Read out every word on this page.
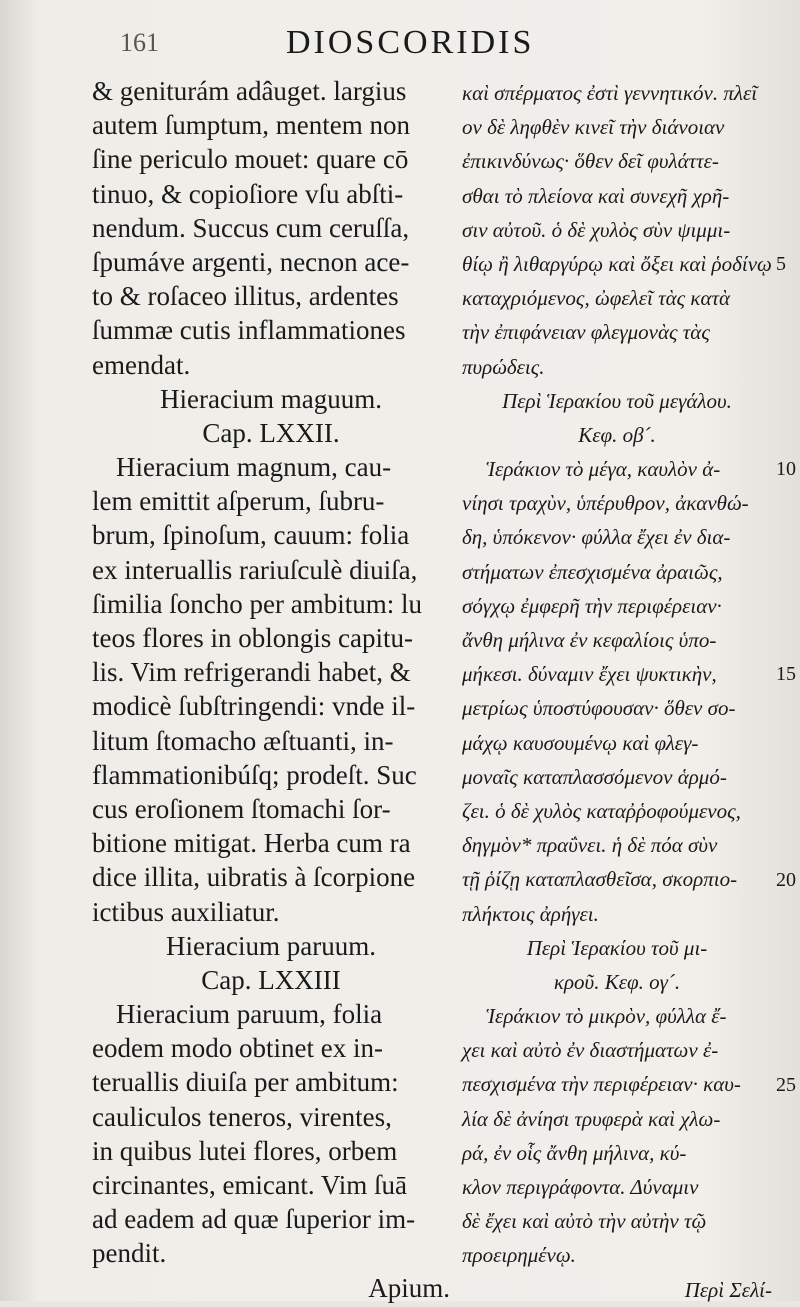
161	DIOSCORIDIS
& geniturám adâuget. largius
autem ſumptum, mentem non
ſine periculo mouet: quare cō
tinuo, & copioſiore vſu abſti-
nendum. Succus cum ceruſſa,
ſpumáve argenti, necnon ace-
to & roſaceo illitus, ardentes
ſummæ cutis inflammationes
emendat.
Hieracium maguum.
Cap. LXXII.
Hieracium magnum, cau-
lem emittit aſperum, ſubru-
brum, ſpinoſum, cauum: folia
ex interuallis rariuſculè diuiſa,
ſimilia ſoncho per ambitum: lu
teos flores in oblongis capitu-
lis. Vim refrigerandi habet, &
modicè ſubſtringendi: vnde il-
litum ſtomacho æſtuanti, in-
flammationibúſq; prodeſt. Suc
cus eroſionem ſtomachi ſor-
bitione mitigat. Herba cum ra
dice illita, uibratis à ſcorpione
ictibus auxiliatur.
Hieracium paruum.
Cap. LXXIII
Hieracium paruum, folia
eodem modo obtinet ex in-
teruallis diuiſa per ambitum:
cauliculos teneros, virentes,
in quibus lutei flores, orbem
circinantes, emicant. Vim ſuā
ad eadem ad quæ ſuperior im-
pendit.
Apium.
καὶ σπέρματος ἐστὶ γεννητικόν. πλεῖ
ον δὲ ληφθὲν κινεῖ τὴν διάνοιαν
ἐπικινδύνως· ὅθεν δεῖ φυλάττε-
σθαι τὸ πλείονα καὶ συνεχῆ χρῆ-
σιν αὐτοῦ. ὁ δὲ χυλὸς σὺν ψιμμι-
θίῳ ἢ λιθαργύρῳ καὶ ὄξει καὶ ῥοδίνῳ
καταχριόμενος, ὠφελεῖ τὰς κατὰ
τὴν ἐπιφάνειαν φλεγμονὰς τὰς
πυρώδεις.
Περὶ Ἱερακίου τοῦ μεγάλου.
Κεφ. οβ´.
Ἱεράκιον τὸ μέγα, καυλὸν ἀ-
νίησι τραχὺν, ὑπέρυθρον, ἀκανθώ-
δη, ὑπόκενον· φύλλα ἔχει ἐν δια-
στήματων ἐπεσχισμένα ἀραιῶς,
σόγχῳ ἐμφερῆ τὴν περιφέρειαν·
ἄνθη μήλινα ἐν κεφαλίοις ὑπο-
μήκεσι. δύναμιν ἔχει ψυκτικὴν,
μετρίως ὑποστύφουσαν· ὅθεν σο-
μάχῳ καυσουμένῳ καὶ φλεγ-
μοναῖς καταπλασσόμενον ἁρμό-
ζει. ὁ δὲ χυλὸς καταῤῥοφούμενος,
δηγμὸν* πραΰνει. ἡ δὲ πόα σὺν
τῇ ῥίζῃ καταπλασθεῖσα, σκορπιο-
πλήκτοις ἀρήγει.
Περὶ Ἱερακίου τοῦ μι-
κροῦ. Κεφ. ογ´.
Ἱεράκιον τὸ μικρὸν, φύλλα ἔ-
χει καὶ αὐτὸ ἐν διαστήματων ἐ-
πεσχισμένα τὴν περιφέρειαν· καυ-
λία δὲ ἀνίησι τρυφερὰ καὶ χλω-
ρά, ἐν οἷς ἄνθη μήλινα, κύ-
κλον περιγράφοντα. Δύναμιν
δὲ ἔχει καὶ αὐτὸ τὴν αὐτὴν τῷ
προειρημένῳ.
Περὶ Σελί-
10
5
15
20
25
